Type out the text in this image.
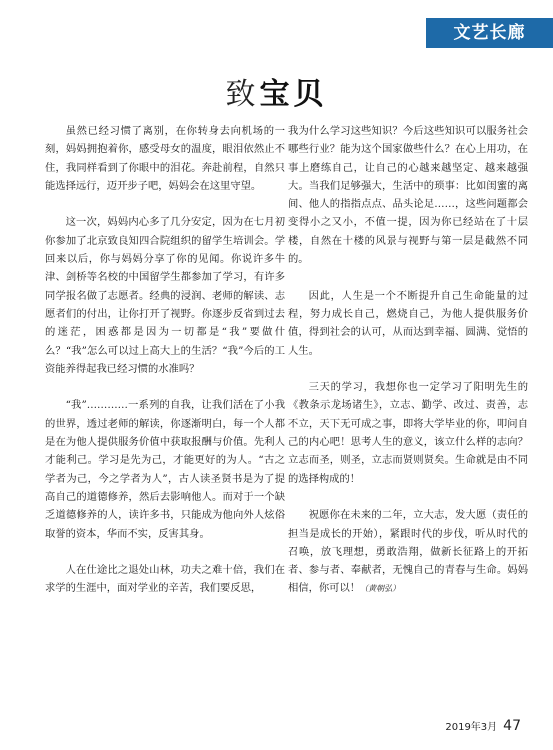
文艺长廊
致宝贝

虽然已经习惯了离别，在你转身去向机场的一刻，妈妈拥抱着你，感受母女的温度，眼泪依然止不住，我同样看到了你眼中的泪花。奔赴前程，自然只能选择远行，迈开步子吧，妈妈会在这里守望。

这一次，妈妈内心多了几分安定，因为在七月初你参加了北京致良知四合院组织的留学生培训会。学回来以后，你与妈妈分享了你的见闻。你说许多牛津、剑桥等名校的中国留学生都参加了学习，有许多同学报名做了志愿者。经典的浸润、老师的解读、志愿者们的付出，让你打开了视野。你逐步反省到过去的迷茫，困惑都是因为一切都是“我”要做什么？“我”怎么可以过上高大上的生活？“我”今后的工资能养得起我已经习惯的水准吗？

“我”…………一系列的自我，让我们活在了小我的世界，透过老师的解读，你逐渐明白，每一个人都是在为他人提供服务价值中获取报酬与价值。先利人才能利己。学习是先为己，才能更好的为人。“古之学者为己，今之学者为人”，古人读圣贤书是为了提高自己的道德修养，然后去影响他人。而对于一个缺乏道德修养的人，读许多书，只能成为他向外人炫俗取誉的资本，华而不实，反害其身。

人在仕途比之退处山林，功夫之难十倍，我们在求学的生涯中，面对学业的辛苦，我们要反思，

我为什么学习这些知识？今后这些知识可以服务社会哪些行业？能为这个国家做些什么？在心上用功，在事上磨练自己，让自己的心越来越坚定、越来越强大。当我们足够强大，生活中的琐事：比如闺蜜的离间、他人的指指点点、品头论足……，这些问题都会变得小之又小，不值一提，因为你已经站在了十层楼，自然在十楼的风景与视野与第一层是截然不同的。

因此，人生是一个不断提升自己生命能量的过程，努力成长自己，燃烧自己，为他人提供服务价值，得到社会的认可，从而达到幸福、圆满、觉悟的人生。

三天的学习，我想你也一定学习了阳明先生的《教条示龙场诸生》，立志、勤学、改过、责善，志不立，天下无可成之事，即将大学毕业的你，叩问自己的内心吧！思考人生的意义，该立什么样的志向？立志而圣，则圣，立志而贤则贤矣。生命就是由不同的选择构成的！

祝愿你在未来的二年，立大志，发大愿（责任的担当是成长的开始），紧跟时代的步伐，听从时代的召唤，放飞理想，勇敢浩翔，做新长征路上的开拓者、参与者、奉献者，无愧自己的青春与生命。妈妈相信，你可以！（黄朝弘）

2019年3月 47
